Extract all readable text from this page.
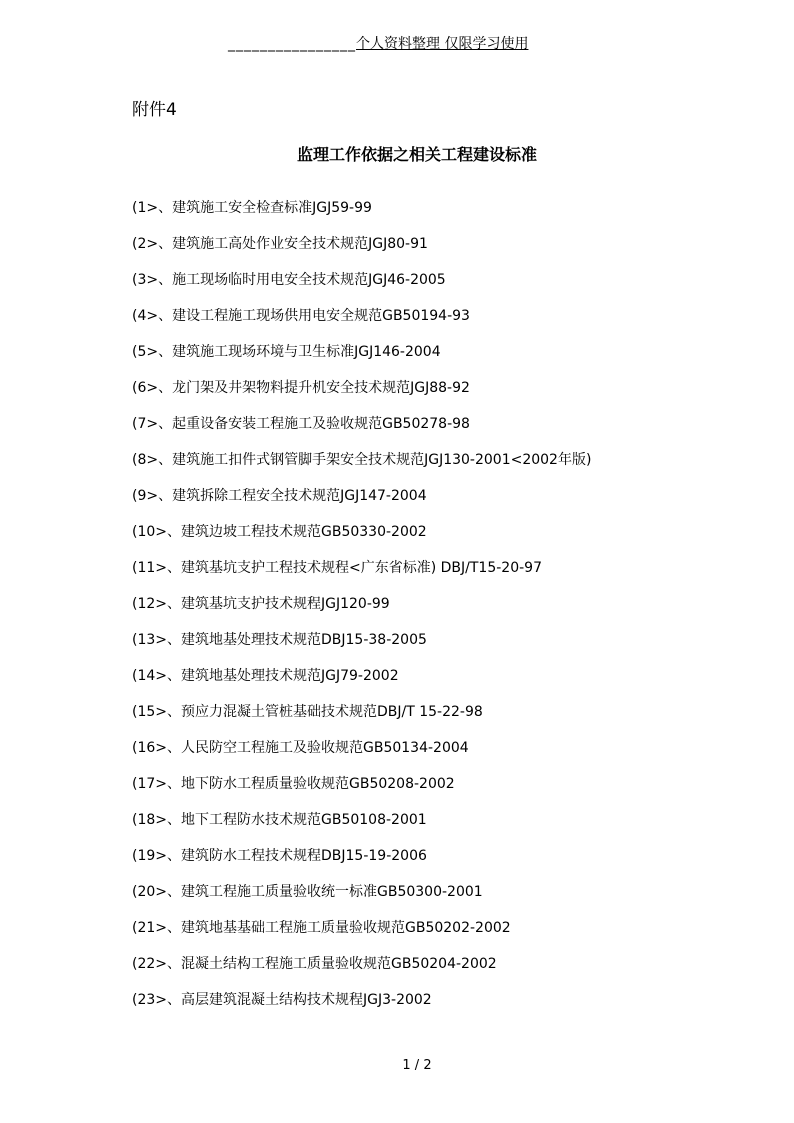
________________个人资料整理 仅限学习使用
附件4
监理工作依据之相关工程建设标准
(1>、建筑施工安全检查标准JGJ59-99
(2>、建筑施工高处作业安全技术规范JGJ80-91
(3>、施工现场临时用电安全技术规范JGJ46-2005
(4>、建设工程施工现场供用电安全规范GB50194-93
(5>、建筑施工现场环境与卫生标准JGJ146-2004
(6>、龙门架及井架物料提升机安全技术规范JGJ88-92
(7>、起重设备安装工程施工及验收规范GB50278-98
(8>、建筑施工扣件式钢管脚手架安全技术规范JGJ130-2001<2002年版)
(9>、建筑拆除工程安全技术规范JGJ147-2004
(10>、建筑边坡工程技术规范GB50330-2002
(11>、建筑基坑支护工程技术规程<广东省标准) DBJ/T15-20-97
(12>、建筑基坑支护技术规程JGJ120-99
(13>、建筑地基处理技术规范DBJ15-38-2005
(14>、建筑地基处理技术规范JGJ79-2002
(15>、预应力混凝土管桩基础技术规范DBJ/T 15-22-98
(16>、人民防空工程施工及验收规范GB50134-2004
(17>、地下防水工程质量验收规范GB50208-2002
(18>、地下工程防水技术规范GB50108-2001
(19>、建筑防水工程技术规程DBJ15-19-2006
(20>、建筑工程施工质量验收统一标准GB50300-2001
(21>、建筑地基基础工程施工质量验收规范GB50202-2002
(22>、混凝土结构工程施工质量验收规范GB50204-2002
(23>、高层建筑混凝土结构技术规程JGJ3-2002
1 / 2
